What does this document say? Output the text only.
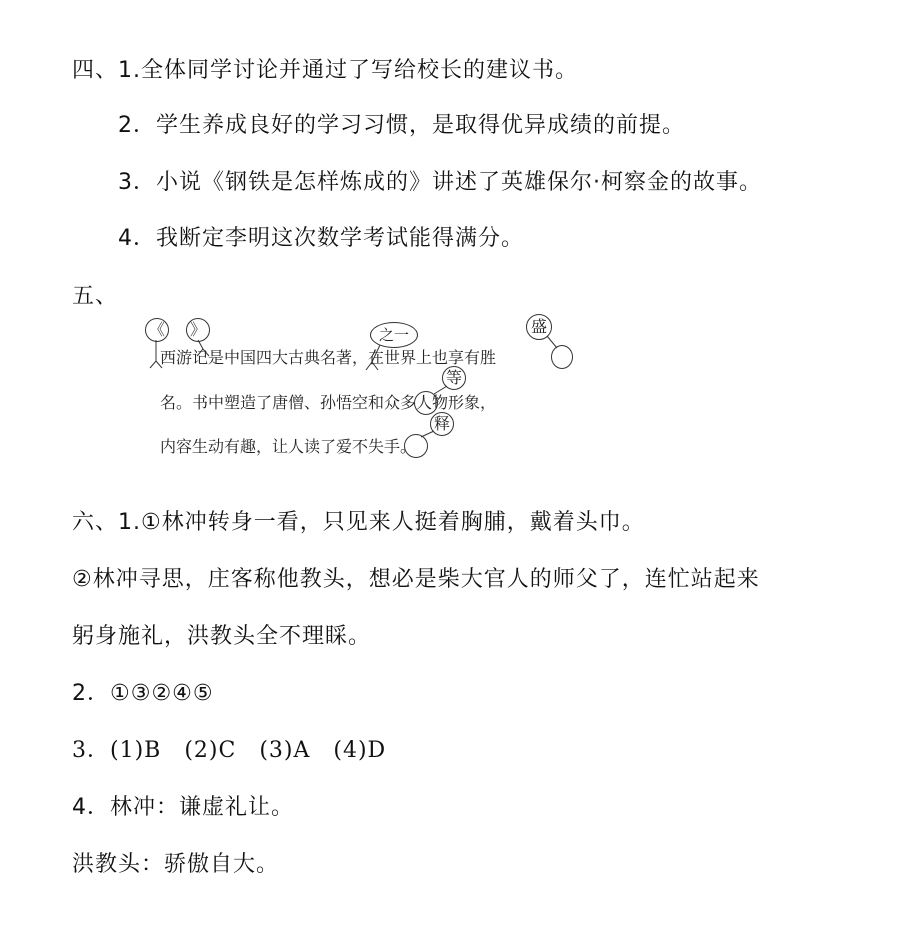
四、1.全体同学讨论并通过了写给校长的建议书。
2．学生养成良好的学习习惯，是取得优异成绩的前提。
3．小说《钢铁是怎样炼成的》讲述了英雄保尔·柯察金的故事。
4．我断定李明这次数学考试能得满分。
五、
《 》	之一	盛
等
释
西游记是中国四大古典名著，在世界上也享有胜
名。书中塑造了唐僧、孙悟空和众多人物形象，
内容生动有趣，让人读了爱不失手。
六、1.①林冲转身一看，只见来人挺着胸脯，戴着头巾。
②林冲寻思，庄客称他教头，想必是柴大官人的师父了，连忙站起来
躬身施礼，洪教头全不理睬。
2．①③②④⑤
3．(1)B　(2)C　(3)A　(4)D
4．林冲：谦虚礼让。
洪教头：骄傲自大。
